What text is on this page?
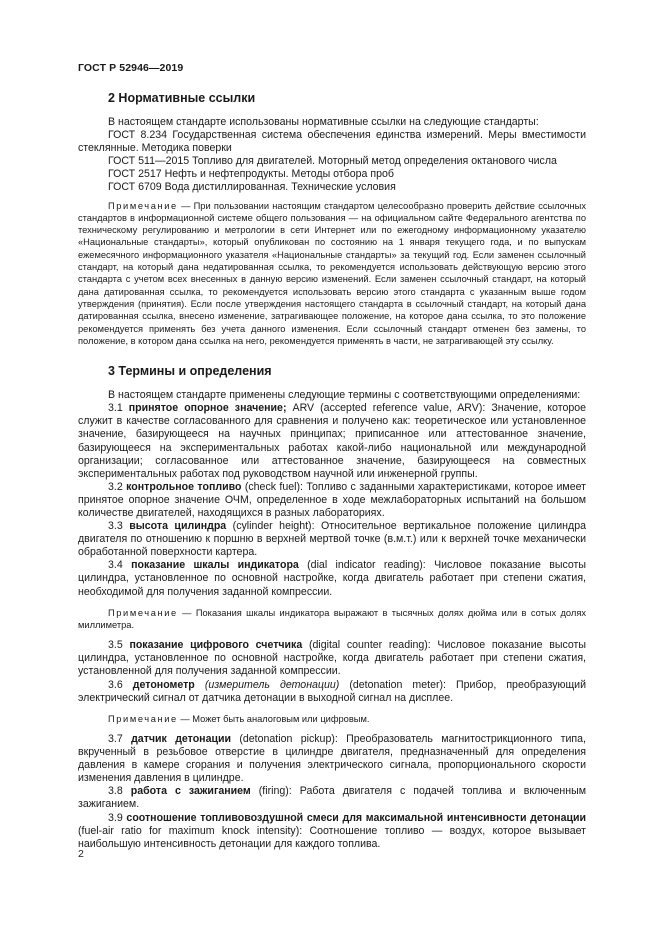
ГОСТ Р 52946—2019
2 Нормативные ссылки

В настоящем стандарте использованы нормативные ссылки на следующие стандарты:

ГОСТ 8.234 Государственная система обеспечения единства измерений. Меры вместимости стеклянные. Методика поверки

ГОСТ 511—2015 Топливо для двигателей. Моторный метод определения октанового числа

ГОСТ 2517 Нефть и нефтепродукты. Методы отбора проб

ГОСТ 6709 Вода дистиллированная. Технические условия

Примечание — При пользовании настоящим стандартом целесообразно проверить действие ссылочных стандартов в информационной системе общего пользования — на официальном сайте Федерального агентства по техническому регулированию и метрологии в сети Интернет или по ежегодному информационному указателю «Национальные стандарты», который опубликован по состоянию на 1 января текущего года, и по выпускам ежемесячного информационного указателя «Национальные стандарты» за текущий год. Если заменен ссылочный стандарт, на который дана недатированная ссылка, то рекомендуется использовать действующую версию этого стандарта с учетом всех внесенных в данную версию изменений. Если заменен ссылочный стандарт, на который дана датированная ссылка, то рекомендуется использовать версию этого стандарта с указанным выше годом утверждения (принятия). Если после утверждения настоящего стандарта в ссылочный стандарт, на который дана датированная ссылка, внесено изменение, затрагивающее положение, на которое дана ссылка, то это положение рекомендуется применять без учета данного изменения. Если ссылочный стандарт отменен без замены, то положение, в котором дана ссылка на него, рекомендуется применять в части, не затрагивающей эту ссылку.

3 Термины и определения

В настоящем стандарте применены следующие термины с соответствующими определениями:

3.1 принятое опорное значение; ARV (accepted reference value, ARV): Значение, которое служит в качестве согласованного для сравнения и получено как: теоретическое или установленное значение, базирующееся на научных принципах; приписанное или аттестованное значение, базирующееся на экспериментальных работах какой-либо национальной или международной организации; согласованное или аттестованное значение, базирующееся на совместных экспериментальных работах под руководством научной или инженерной группы.

3.2 контрольное топливо (check fuel): Топливо с заданными характеристиками, которое имеет принятое опорное значение ОЧМ, определенное в ходе межлабораторных испытаний на большом количестве двигателей, находящихся в разных лабораториях.

3.3 высота цилиндра (cylinder height): Относительное вертикальное положение цилиндра двигателя по отношению к поршню в верхней мертвой точке (в.м.т.) или к верхней точке механически обработанной поверхности картера.

3.4 показание шкалы индикатора (dial indicator reading): Числовое показание высоты цилиндра, установленное по основной настройке, когда двигатель работает при степени сжатия, необходимой для получения заданной компрессии.

Примечание — Показания шкалы индикатора выражают в тысячных долях дюйма или в сотых долях миллиметра.

3.5 показание цифрового счетчика (digital counter reading): Числовое показание высоты цилиндра, установленное по основной настройке, когда двигатель работает при степени сжатия, установленной для получения заданной компрессии.

3.6 детонометр (измеритель детонации) (detonation meter): Прибор, преобразующий электрический сигнал от датчика детонации в выходной сигнал на дисплее.

Примечание — Может быть аналоговым или цифровым.

3.7 датчик детонации (detonation pickup): Преобразователь магнитострикционного типа, вкрученный в резьбовое отверстие в цилиндре двигателя, предназначенный для определения давления в камере сгорания и получения электрического сигнала, пропорционального скорости изменения давления в цилиндре.

3.8 работа с зажиганием (firing): Работа двигателя с подачей топлива и включенным зажиганием.

3.9 соотношение топливовоздушной смеси для максимальной интенсивности детонации (fuel-air ratio for maximum knock intensity): Соотношение топливо — воздух, которое вызывает наибольшую интенсивность детонации для каждого топлива.

2
